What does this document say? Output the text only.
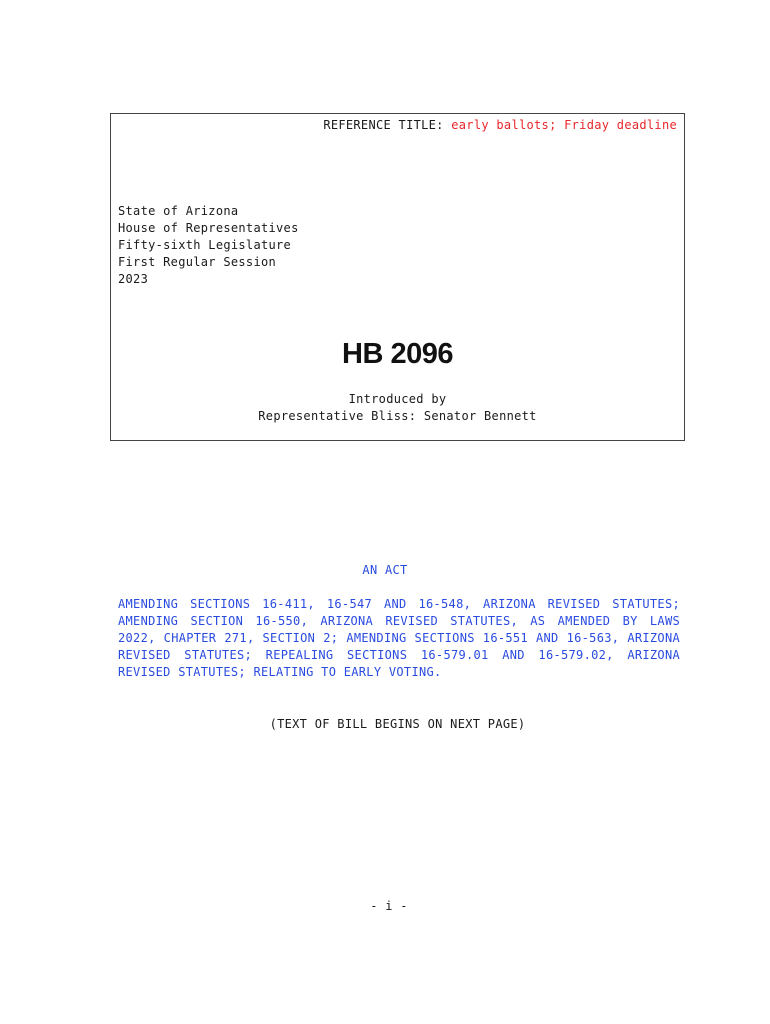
REFERENCE TITLE: early ballots; Friday deadline
State of Arizona
House of Representatives
Fifty-sixth Legislature
First Regular Session
2023
HB 2096
Introduced by
Representative Bliss: Senator Bennett
AN ACT
AMENDING SECTIONS 16-411, 16-547 AND 16-548, ARIZONA REVISED STATUTES;
AMENDING SECTION 16-550, ARIZONA REVISED STATUTES, AS AMENDED BY LAWS
2022, CHAPTER 271, SECTION 2; AMENDING SECTIONS 16-551 AND 16-563, ARIZONA
REVISED STATUTES; REPEALING SECTIONS 16-579.01 AND 16-579.02, ARIZONA
REVISED STATUTES; RELATING TO EARLY VOTING.
(TEXT OF BILL BEGINS ON NEXT PAGE)
- i -
